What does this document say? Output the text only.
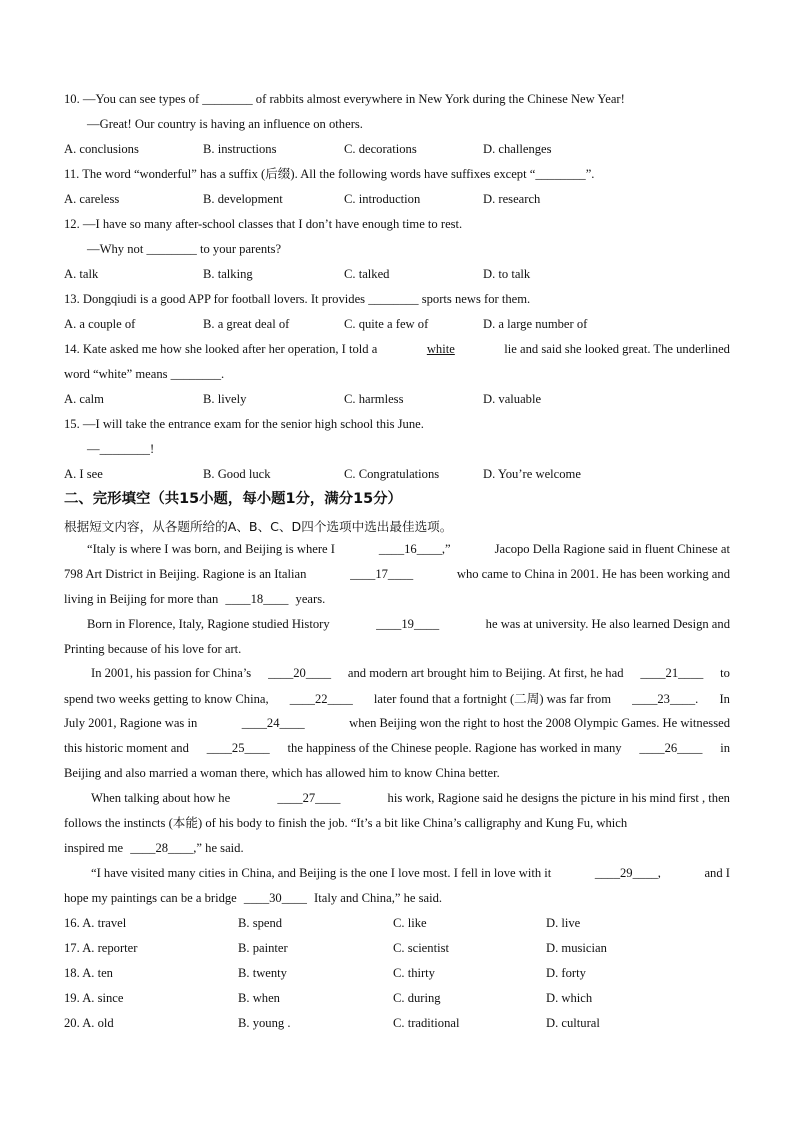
10. —You can see types of ________ of rabbits almost everywhere in New York during the Chinese New Year!
—Great! Our country is having an influence on others.
A. conclusions	B. instructions	C. decorations	D. challenges
11. The word “wonderful” has a suffix (后缀). All the following words have suffixes except “________”.
A. careless	B. development	C. introduction	D. research
12. —I have so many after-school classes that I don’t have enough time to rest.
—Why not ________ to your parents?
A. talk	B. talking	C. talked	D. to talk
13. Dongqiudi is a good APP for football lovers. It provides ________ sports news for them.
A. a couple of	B. a great deal of	C. quite a few of	D. a large number of
14. Kate asked me how she looked after her operation, I told a	white	lie and said she looked great. The underlined
word “white” means ________.
A. calm	B. lively	C. harmless	D. valuable
15. —I will take the entrance exam for the senior high school this June.
—________!
A. I see	B. Good luck	C. Congratulations	D. You’re welcome
二、完形填空（共15小题，每小题1分，满分15分）
根据短文内容，从各题所给的A、B、C、D四个选项中选出最佳选项。
“Italy is where I was born, and Beijing is where I	____16____,”	Jacopo Della Ragione said in fluent Chinese at
798 Art District in Beijing. Ragione is an Italian	____17____	who came to China in 2001. He has been working and
living in Beijing for more than ____18____ years.
Born in Florence, Italy, Ragione studied History	____19____	he was at university. He also learned Design and
Printing because of his love for art.
In 2001, his passion for China’s ____20____ and modern art brought him to Beijing. At first, he had ____21____ to
spend two weeks getting to know China, ____22____ later found that a fortnight (二周) was far from ____23____. In
July 2001, Ragione was in	____24____	when Beijing won the right to host the 2008 Olympic Games. He witnessed
this historic moment and ____25____ the happiness of the Chinese people. Ragione has worked in many ____26____ in
Beijing and also married a woman there, which has allowed him to know China better.
When talking about how he	____27____	his work, Ragione said he designs the picture in his mind first , then
follows the instincts (本能) of his body to finish the job. “It’s a bit like China’s calligraphy and Kung Fu, which
inspired me ____28____,” he said.
“I have visited many cities in China, and Beijing is the one I love most. I fell in love with it	____29____,	and I
hope my paintings can be a bridge ____30____ Italy and China,” he said.
16. A. travel	B. spend	C. like	D. live
17. A. reporter	B. painter	C. scientist	D. musician
18. A. ten	B. twenty	C. thirty	D. forty
19. A. since	B. when	C. during	D. which
20. A. old	B. young .	C. traditional	D. cultural
